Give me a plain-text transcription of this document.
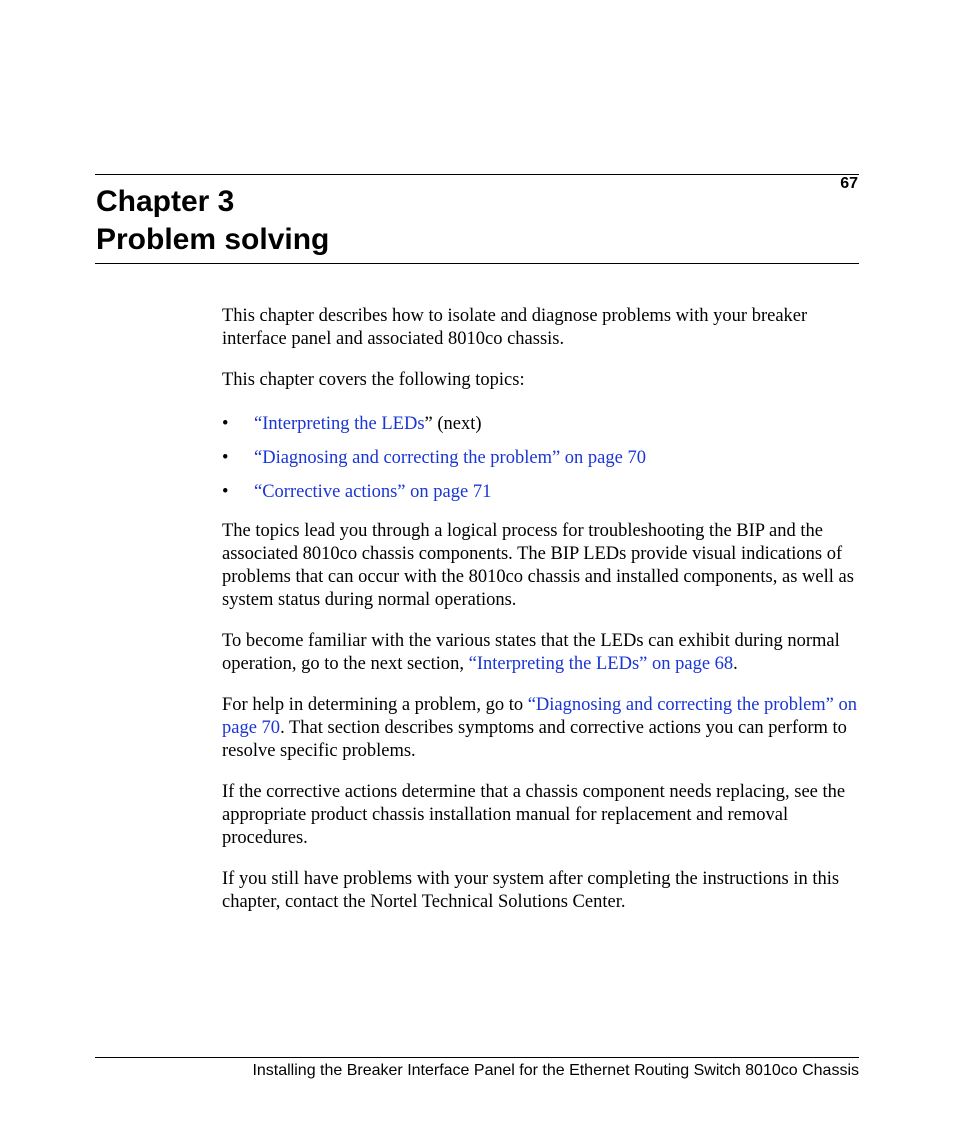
67
Chapter 3
Problem solving

This chapter describes how to isolate and diagnose problems with your breaker interface panel and associated 8010co chassis.

This chapter covers the following topics:

• “Interpreting the LEDs” (next)
• “Diagnosing and correcting the problem” on page 70
• “Corrective actions” on page 71

The topics lead you through a logical process for troubleshooting the BIP and the associated 8010co chassis components. The BIP LEDs provide visual indications of problems that can occur with the 8010co chassis and installed components, as well as system status during normal operations.

To become familiar with the various states that the LEDs can exhibit during normal operation, go to the next section, “Interpreting the LEDs” on page 68.

For help in determining a problem, go to “Diagnosing and correcting the problem” on page 70. That section describes symptoms and corrective actions you can perform to resolve specific problems.

If the corrective actions determine that a chassis component needs replacing, see the appropriate product chassis installation manual for replacement and removal procedures.

If you still have problems with your system after completing the instructions in this chapter, contact the Nortel Technical Solutions Center.

Installing the Breaker Interface Panel for the Ethernet Routing Switch 8010co Chassis
